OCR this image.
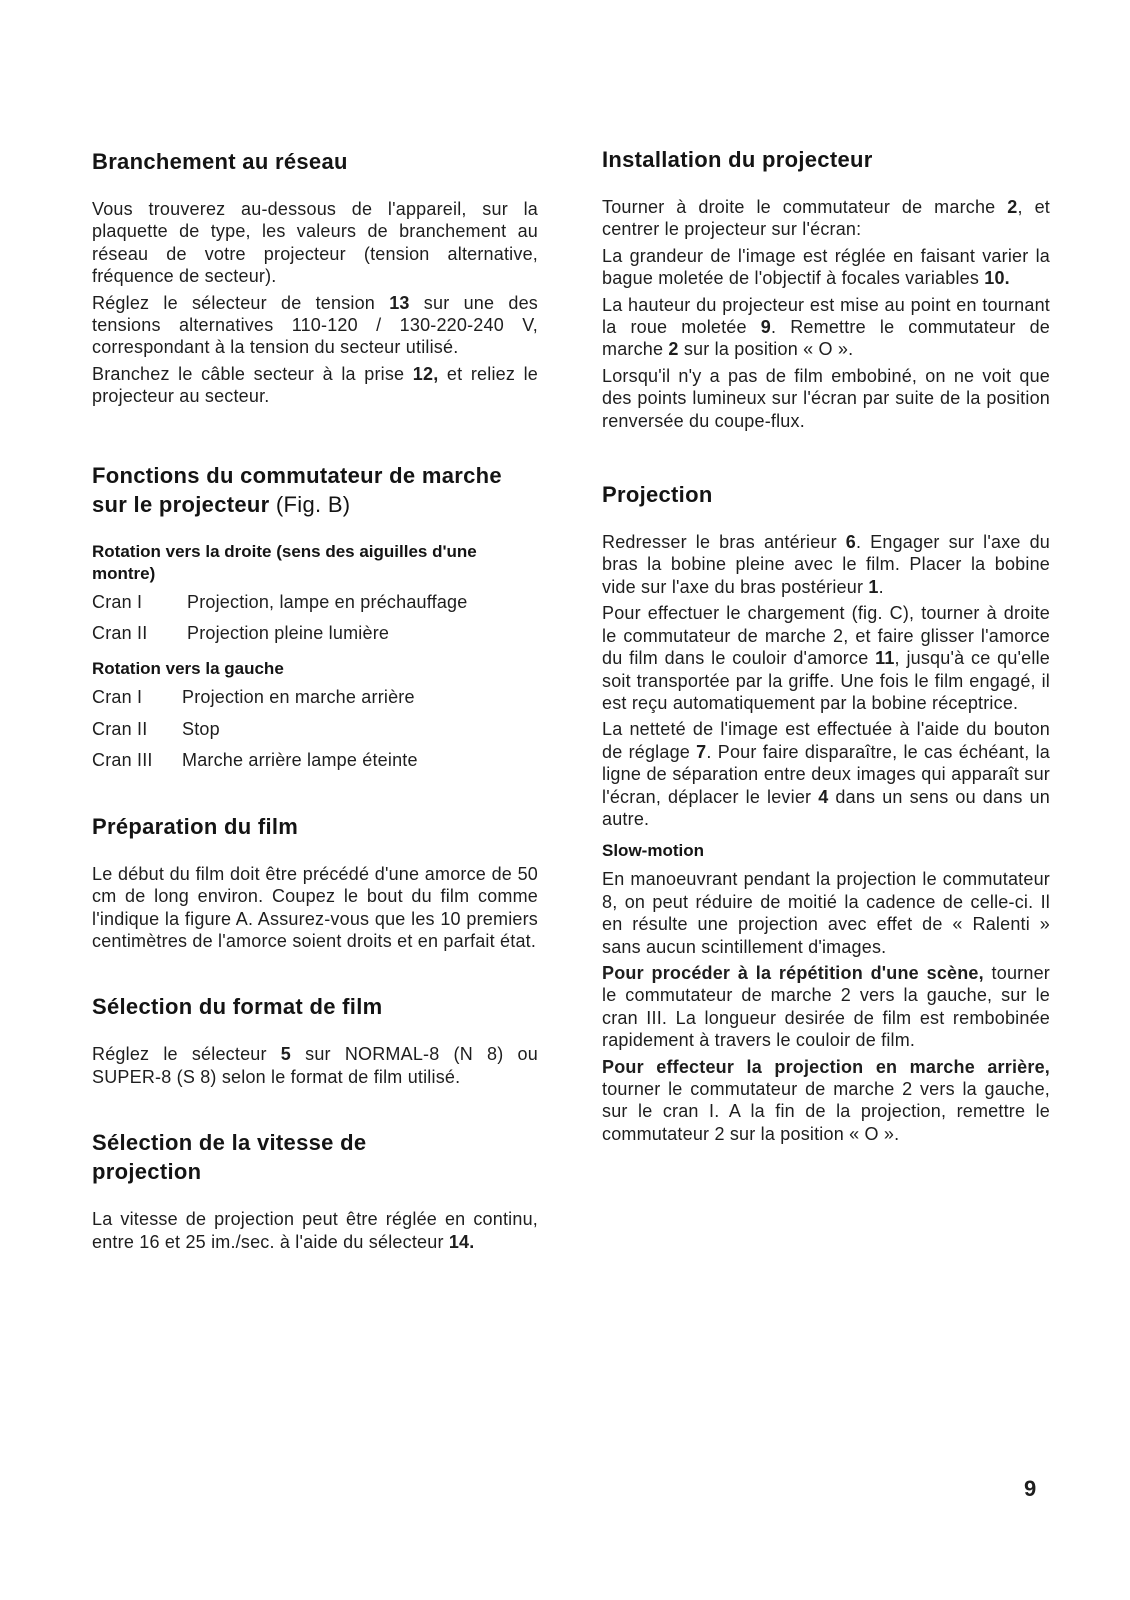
Branchement au réseau

Vous trouverez au-dessous de l'appareil, sur la plaquette de type, les valeurs de branchement au réseau de votre projecteur (tension alternative, fréquence de secteur).

Réglez le sélecteur de tension 13 sur une des tensions alternatives 110-120 / 130-220-240 V, correspondant à la tension du secteur utilisé.

Branchez le câble secteur à la prise 12, et reliez le projecteur au secteur.

Fonctions du commutateur de marche sur le projecteur (Fig. B)
Rotation vers la droite (sens des aiguilles d'une montre)
Cran I	Projection, lampe en préchauffage
Cran II	Projection pleine lumière
Rotation vers la gauche
Cran I	Projection en marche arrière
Cran II	Stop
Cran III	Marche arrière lampe éteinte
Préparation du film

Le début du film doit être précédé d'une amorce de 50 cm de long environ. Coupez le bout du film comme l'indique la figure A. Assurez-vous que les 10 premiers centimètres de l'amorce soient droits et en parfait état.

Sélection du format de film

Réglez le sélecteur 5 sur NORMAL-8 (N 8) ou SUPER-8 (S 8) selon le format de film utilisé.

Sélection de la vitesse de projection

La vitesse de projection peut être réglée en continu, entre 16 et 25 im./sec. à l'aide du sélecteur 14.

Installation du projecteur

Tourner à droite le commutateur de marche 2, et centrer le projecteur sur l'écran:

La grandeur de l'image est réglée en faisant varier la bague moletée de l'objectif à focales variables 10.

La hauteur du projecteur est mise au point en tournant la roue moletée 9. Remettre le commutateur de marche 2 sur la position « O ».

Lorsqu'il n'y a pas de film embobiné, on ne voit que des points lumineux sur l'écran par suite de la position renversée du coupe-flux.

Projection

Redresser le bras antérieur 6. Engager sur l'axe du bras la bobine pleine avec le film. Placer la bobine vide sur l'axe du bras postérieur 1.

Pour effectuer le chargement (fig. C), tourner à droite le commutateur de marche 2, et faire glisser l'amorce du film dans le couloir d'amorce 11, jusqu'à ce qu'elle soit transportée par la griffe. Une fois le film engagé, il est reçu automatiquement par la bobine réceptrice.

La netteté de l'image est effectuée à l'aide du bouton de réglage 7. Pour faire disparaître, le cas échéant, la ligne de séparation entre deux images qui apparaît sur l'écran, déplacer le levier 4 dans un sens ou dans un autre.

Slow-motion

En manoeuvrant pendant la projection le commutateur 8, on peut réduire de moitié la cadence de celle-ci. Il en résulte une projection avec effet de « Ralenti » sans aucun scintillement d'images.

Pour procéder à la répétition d'une scène, tourner le commutateur de marche 2 vers la gauche, sur le cran III. La longueur desirée de film est rembobinée rapidement à travers le couloir de film.

Pour effecteur la projection en marche arrière, tourner le commutateur de marche 2 vers la gauche, sur le cran I. A la fin de la projection, remettre le commutateur 2 sur la position « O ».

9
